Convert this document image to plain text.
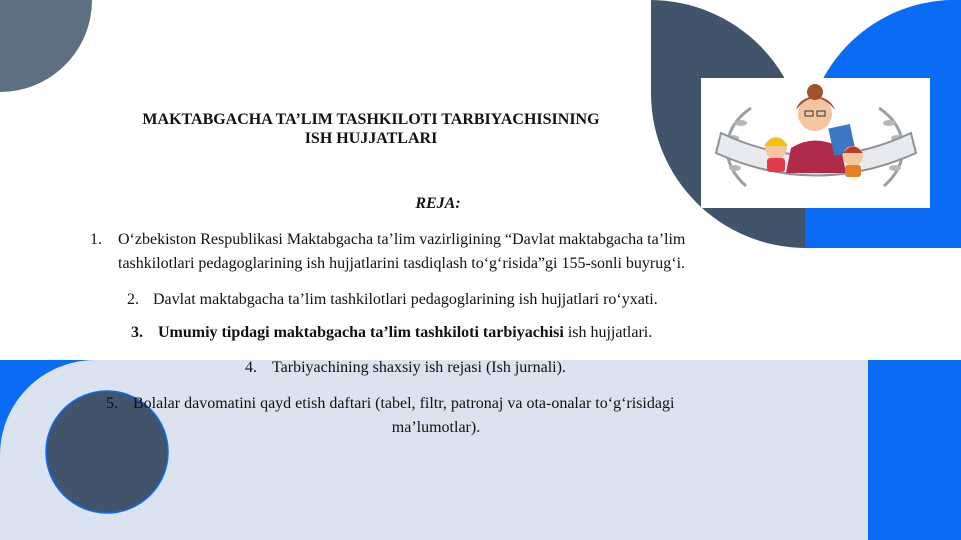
MAKTABGACHA TA’LIM TASHKILOTI TARBIYACHISINING
ISH HUJJATLARI
REJA:
1. O‘zbekiston Respublikasi Maktabgacha ta’lim vazirligining “Davlat maktabgacha ta’lim
tashkilotlari pedagoglarining ish hujjatlarini tasdiqlash to‘g‘risida”gi 155-sonli buyrug‘i.
2. Davlat maktabgacha ta’lim tashkilotlari pedagoglarining ish hujjatlari ro‘yxati.
3. Umumiy tipdagi maktabgacha ta’lim tashkiloti tarbiyachisi ish hujjatlari.
4. Tarbiyachining shaxsiy ish rejasi (Ish jurnali).
5. Bolalar davomatini qayd etish daftari (tabel, filtr, patronaj va ota-onalar to‘g‘risidagi
ma’lumotlar).
